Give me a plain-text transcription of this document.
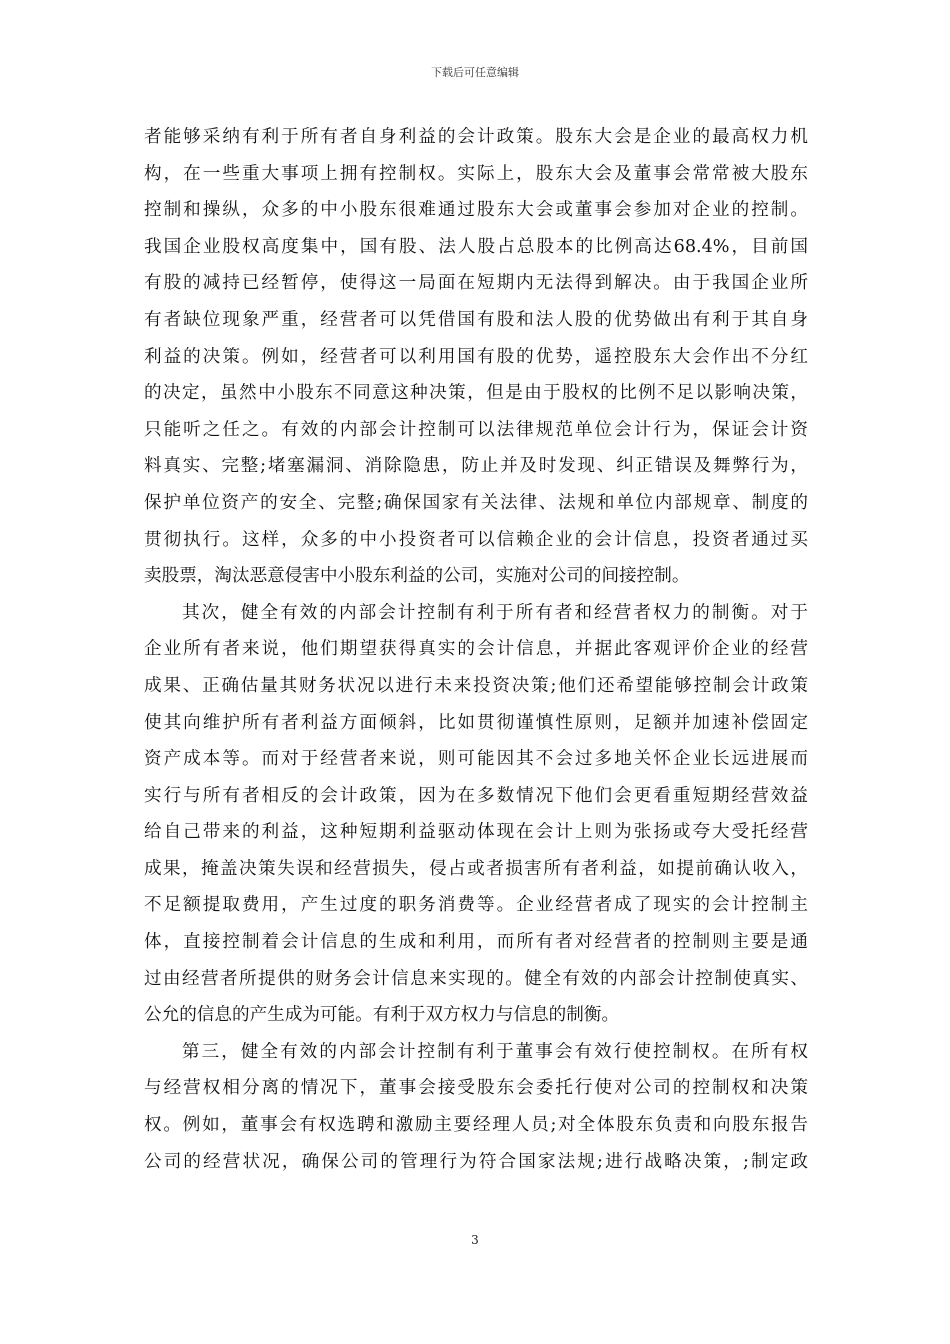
下载后可任意编辑
者能够采纳有利于所有者自身利益的会计政策。股东大会是企业的最高权力机
构，在一些重大事项上拥有控制权。实际上，股东大会及董事会常常被大股东
控制和操纵，众多的中小股东很难通过股东大会或董事会参加对企业的控制。
我国企业股权高度集中，国有股、法人股占总股本的比例高达68.4%，目前国
有股的减持已经暂停，使得这一局面在短期内无法得到解决。由于我国企业所
有者缺位现象严重，经营者可以凭借国有股和法人股的优势做出有利于其自身
利益的决策。例如，经营者可以利用国有股的优势，遥控股东大会作出不分红
的决定，虽然中小股东不同意这种决策，但是由于股权的比例不足以影响决策，
只能听之任之。有效的内部会计控制可以法律规范单位会计行为，保证会计资
料真实、完整;堵塞漏洞、消除隐患，防止并及时发现、纠正错误及舞弊行为，
保护单位资产的安全、完整;确保国家有关法律、法规和单位内部规章、制度的
贯彻执行。这样，众多的中小投资者可以信赖企业的会计信息，投资者通过买
卖股票，淘汰恶意侵害中小股东利益的公司，实施对公司的间接控制。
其次，健全有效的内部会计控制有利于所有者和经营者权力的制衡。对于
企业所有者来说，他们期望获得真实的会计信息，并据此客观评价企业的经营
成果、正确估量其财务状况以进行未来投资决策;他们还希望能够控制会计政策
使其向维护所有者利益方面倾斜，比如贯彻谨慎性原则，足额并加速补偿固定
资产成本等。而对于经营者来说，则可能因其不会过多地关怀企业长远进展而
实行与所有者相反的会计政策，因为在多数情况下他们会更看重短期经营效益
给自己带来的利益，这种短期利益驱动体现在会计上则为张扬或夸大受托经营
成果，掩盖决策失误和经营损失，侵占或者损害所有者利益，如提前确认收入，
不足额提取费用，产生过度的职务消费等。企业经营者成了现实的会计控制主
体，直接控制着会计信息的生成和利用，而所有者对经营者的控制则主要是通
过由经营者所提供的财务会计信息来实现的。健全有效的内部会计控制使真实、
公允的信息的产生成为可能。有利于双方权力与信息的制衡。
第三，健全有效的内部会计控制有利于董事会有效行使控制权。在所有权
与经营权相分离的情况下，董事会接受股东会委托行使对公司的控制权和决策
权。例如，董事会有权选聘和激励主要经理人员;对全体股东负责和向股东报告
公司的经营状况，确保公司的管理行为符合国家法规;进行战略决策，;制定政
3
